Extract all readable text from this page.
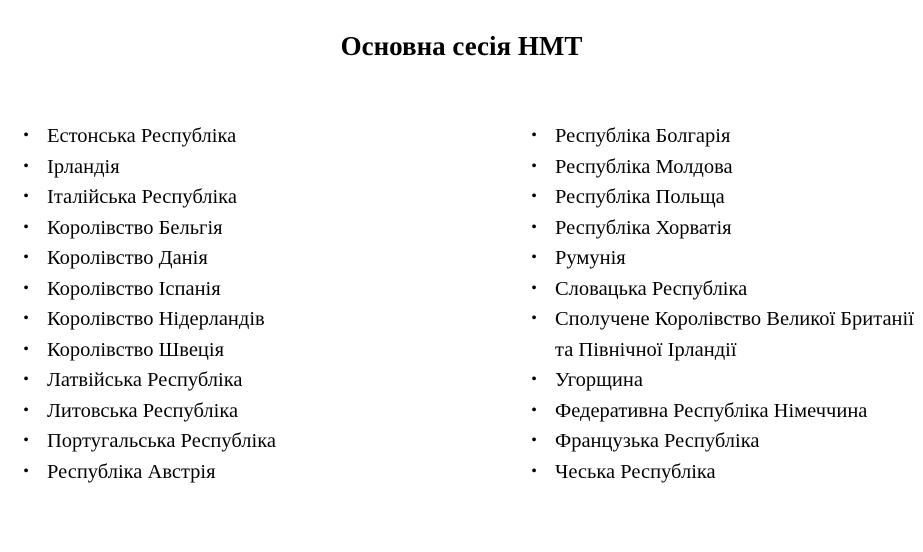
Основна сесія НМТ
• Естонська Республіка
• Ірландія
• Італійська Республіка
• Королівство Бельгія
• Королівство Данія
• Королівство Іспанія
• Королівство Нідерландів
• Королівство Швеція
• Латвійська Республіка
• Литовська Республіка
• Португальська Республіка
• Республіка Австрія
• Республіка Болгарія
• Республіка Молдова
• Республіка Польща
• Республіка Хорватія
• Румунія
• Словацька Республіка
• Сполучене Королівство Великої Британії та Північної Ірландії
• Угорщина
• Федеративна Республіка Німеччина
• Французька Республіка
• Чеська Республіка
